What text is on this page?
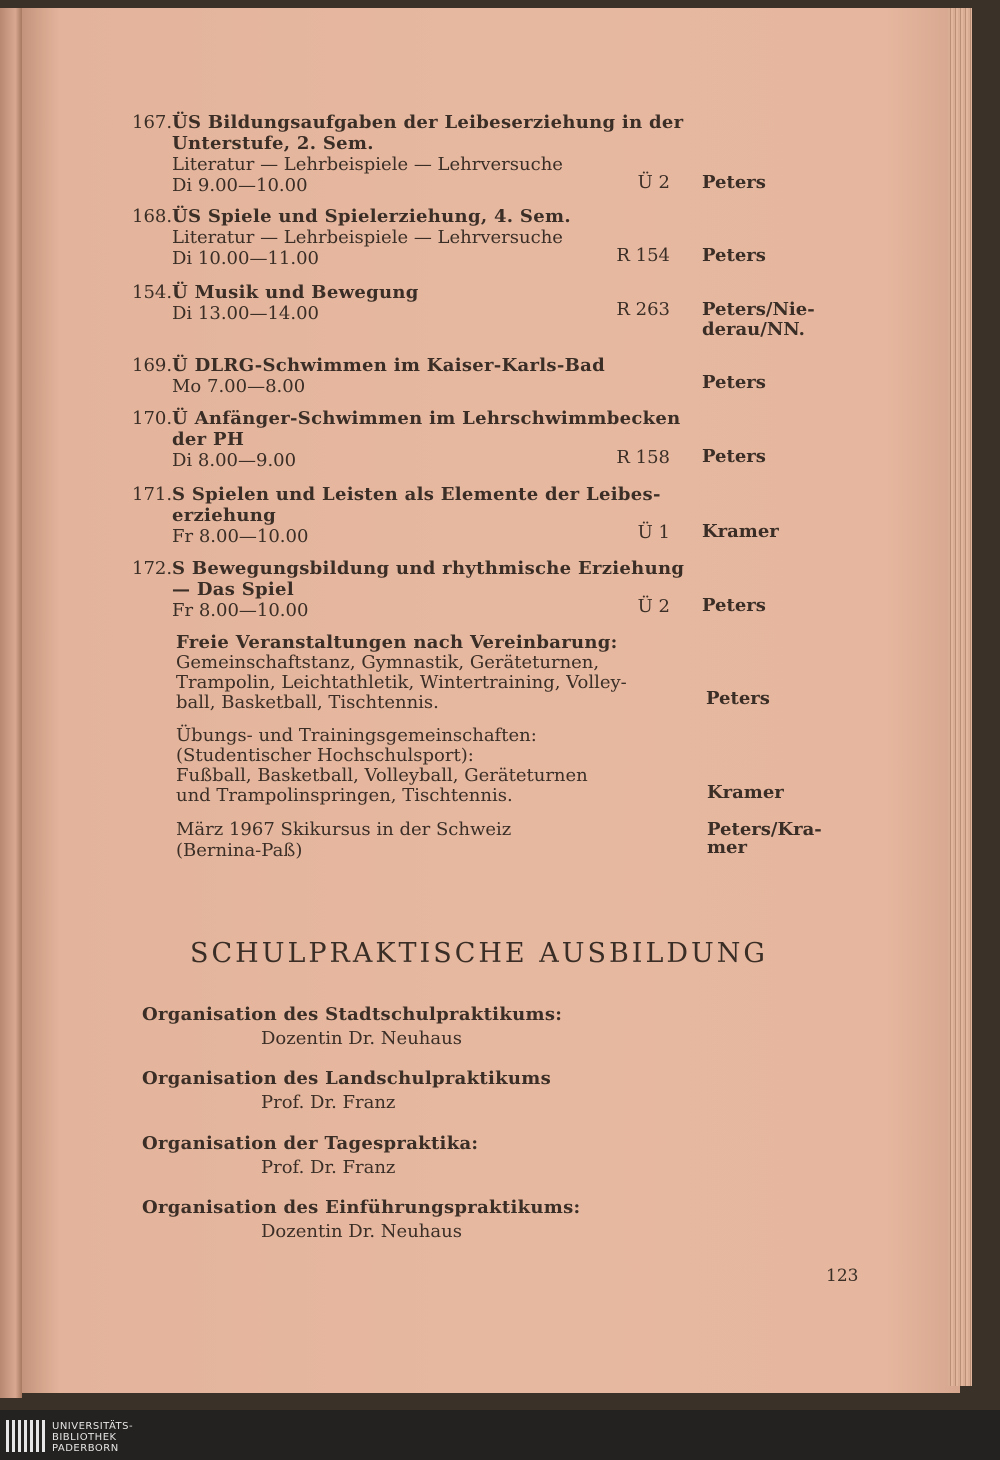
167. ÜS Bildungsaufgaben der Leibeserziehung in der
Unterstufe, 2. Sem.
Literatur — Lehrbeispiele — Lehrversuche
Di 9.00—10.00	Ü 2 Peters
168. ÜS Spiele und Spielerziehung, 4. Sem.
Literatur — Lehrbeispiele — Lehrversuche
Di 10.00—11.00	R 154 Peters
154. Ü Musik und Bewegung
Di 13.00—14.00	R 263 Peters/Nie-
derau/NN.
169. Ü DLRG-Schwimmen im Kaiser-Karls-Bad
Mo 7.00—8.00	Peters
170. Ü Anfänger-Schwimmen im Lehrschwimmbecken
der PH
Di 8.00—9.00	R 158 Peters
171. S Spielen und Leisten als Elemente der Leibes-
erziehung
Fr 8.00—10.00	Ü 1 Kramer
172. S Bewegungsbildung und rhythmische Erziehung
— Das Spiel
Fr 8.00—10.00	Ü 2 Peters
Freie Veranstaltungen nach Vereinbarung:
Gemeinschaftstanz, Gymnastik, Geräteturnen,
Trampolin, Leichtathletik, Wintertraining, Volley-
ball, Basketball, Tischtennis.	Peters
Übungs- und Trainingsgemeinschaften:
(Studentischer Hochschulsport):
Fußball, Basketball, Volleyball, Geräteturnen
und Trampolinspringen, Tischtennis.	Kramer
März 1967 Skikursus in der Schweiz
(Bernina-Paß)
Peters/Kra-
mer
SCHULPRAKTISCHE AUSBILDUNG
Organisation des Stadtschulpraktikums:
Dozentin Dr. Neuhaus
Organisation des Landschulpraktikums
Prof. Dr. Franz
Organisation der Tagespraktika:
Prof. Dr. Franz
Organisation des Einführungspraktikums:
Dozentin Dr. Neuhaus
123
UNIVERSITÄTS-
BIBLIOTHEK
PADERBORN
